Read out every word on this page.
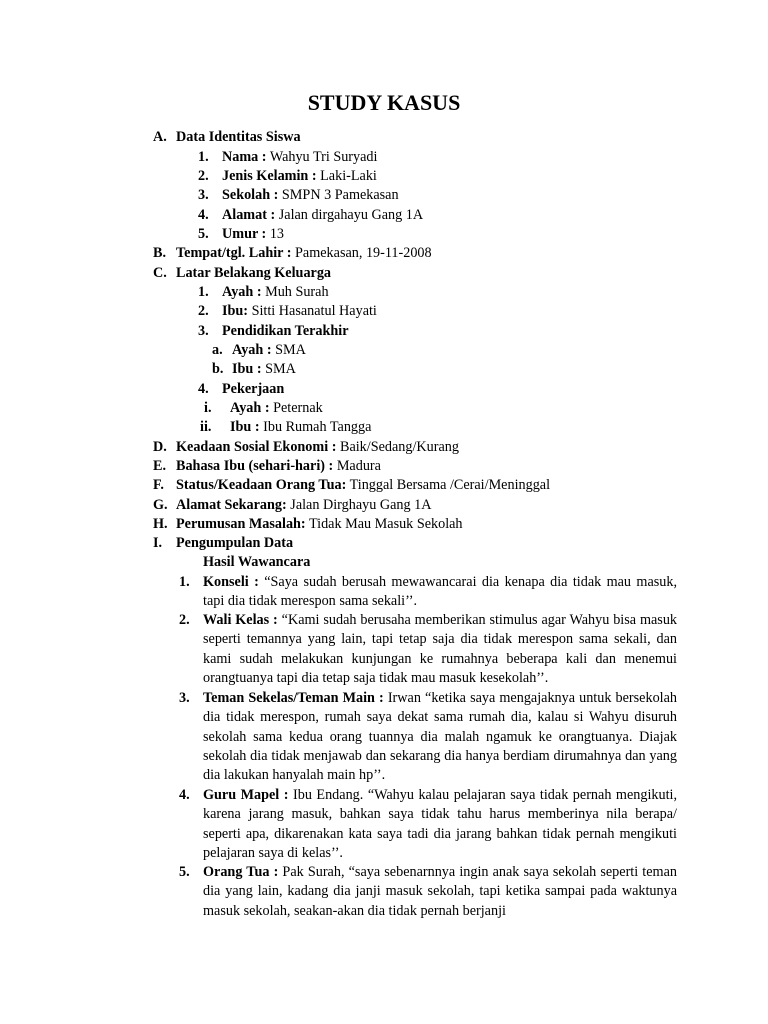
STUDY KASUS
A. Data Identitas Siswa
1. Nama : Wahyu Tri Suryadi
2. Jenis Kelamin : Laki-Laki
3. Sekolah : SMPN 3 Pamekasan
4. Alamat : Jalan dirgahayu Gang 1A
5. Umur : 13
B. Tempat/tgl. Lahir : Pamekasan, 19-11-2008
C. Latar Belakang Keluarga
1. Ayah : Muh Surah
2. Ibu: Sitti Hasanatul Hayati
3. Pendidikan Terakhir
a. Ayah : SMA
b. Ibu : SMA
4. Pekerjaan
i. Ayah : Peternak
ii. Ibu : Ibu Rumah Tangga
D. Keadaan Sosial Ekonomi : Baik/Sedang/Kurang
E. Bahasa Ibu (sehari-hari) : Madura
F. Status/Keadaan Orang Tua: Tinggal Bersama /Cerai/Meninggal
G. Alamat Sekarang: Jalan Dirghayu Gang 1A
H. Perumusan Masalah: Tidak Mau Masuk Sekolah
I. Pengumpulan Data
Hasil Wawancara
1. Konseli : “Saya sudah berusah mewawancarai dia kenapa dia tidak mau masuk, tapi dia tidak merespon sama sekali’’.
2. Wali Kelas : “Kami sudah berusaha memberikan stimulus agar Wahyu bisa masuk seperti temannya yang lain, tapi tetap saja dia tidak merespon sama sekali, dan kami sudah melakukan kunjungan ke rumahnya beberapa kali dan menemui orangtuanya tapi dia tetap saja tidak mau masuk kesekolah’’.
3. Teman Sekelas/Teman Main : Irwan “ketika saya mengajaknya untuk bersekolah dia tidak merespon, rumah saya dekat sama rumah dia, kalau si Wahyu disuruh sekolah sama kedua orang tuannya dia malah ngamuk ke orangtuanya. Diajak sekolah dia tidak menjawab dan sekarang dia hanya berdiam dirumahnya dan yang dia lakukan hanyalah main hp’’.
4. Guru Mapel : Ibu Endang. “Wahyu kalau pelajaran saya tidak pernah mengikuti, karena jarang masuk, bahkan saya tidak tahu harus memberinya nila berapa/ seperti apa, dikarenakan kata saya tadi dia jarang bahkan tidak pernah mengikuti pelajaran saya di kelas’’.
5. Orang Tua : Pak Surah, “saya sebenarnnya ingin anak saya sekolah seperti teman dia yang lain, kadang dia janji masuk sekolah, tapi ketika sampai pada waktunya masuk sekolah, seakan-akan dia tidak pernah berjanji
